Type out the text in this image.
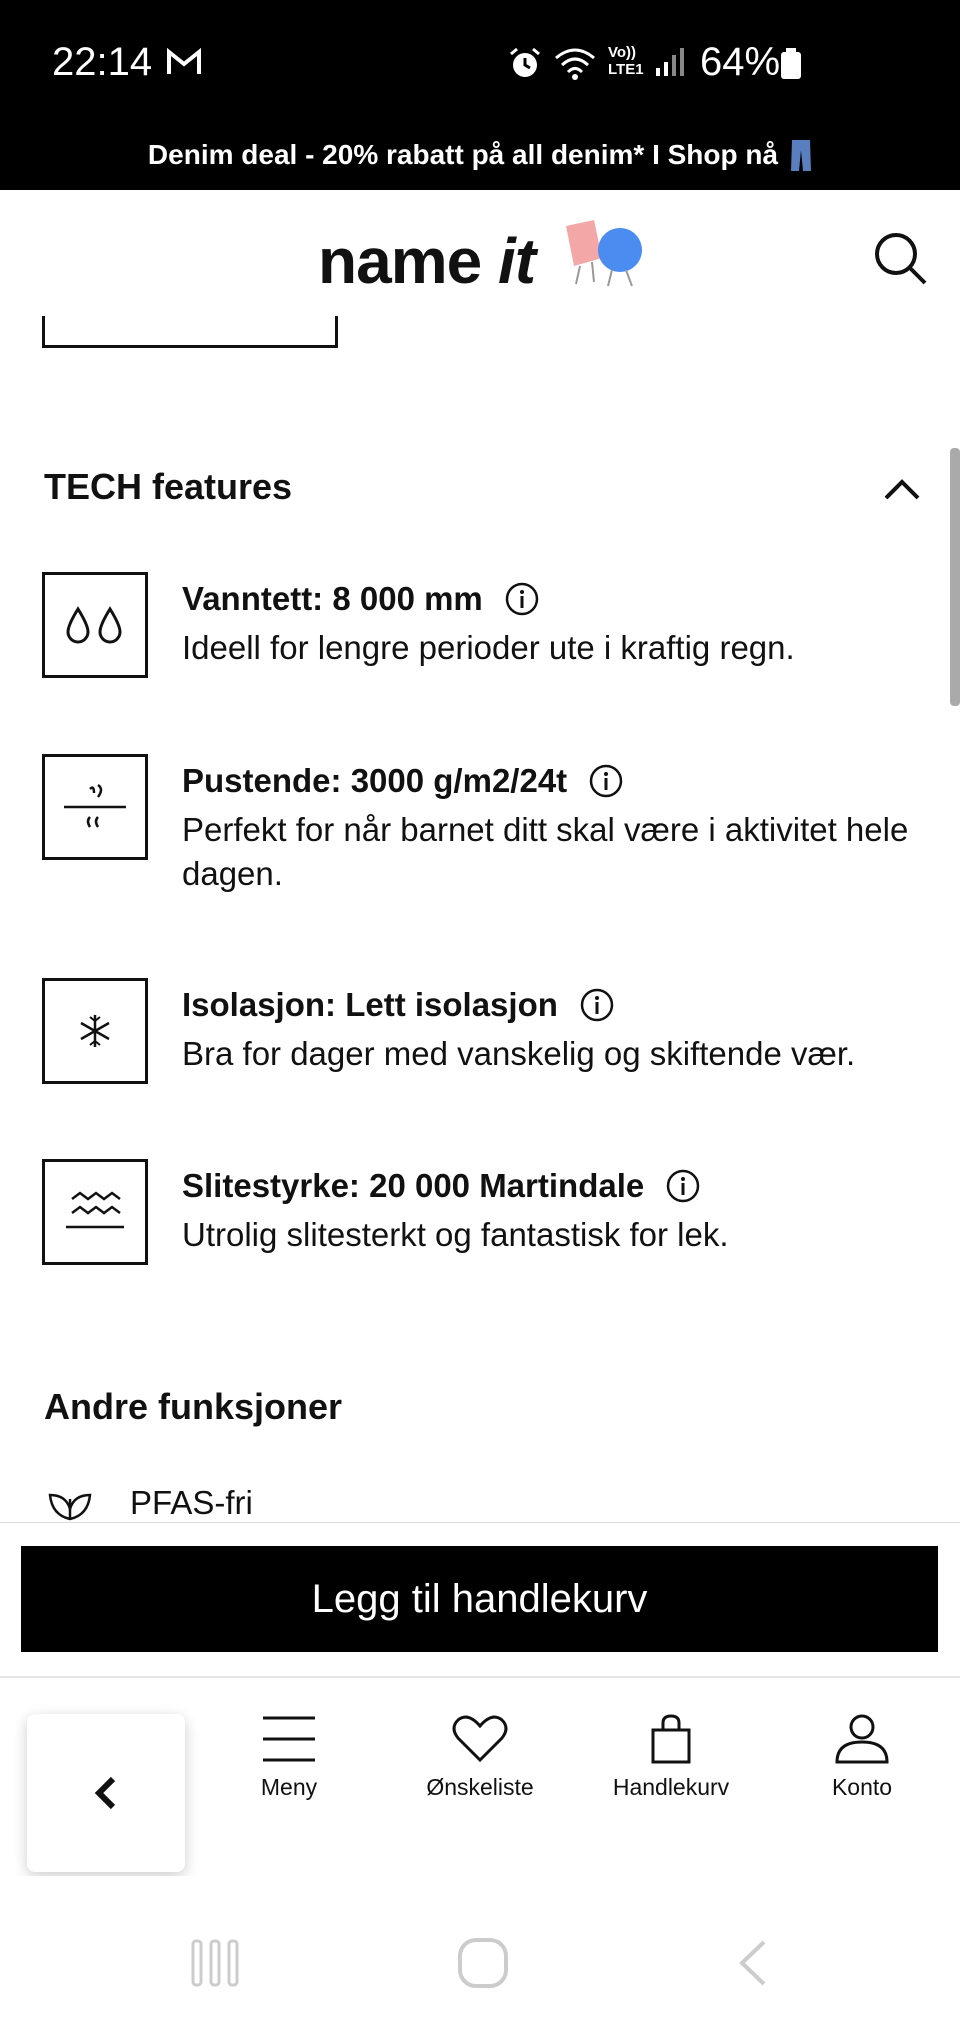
22:14	Vo))
LTE1 64%
Denim deal - 20% rabatt på all denim* I Shop nå
name it
TECH features
Vanntett: 8 000 mm
Ideell for lengre perioder ute i kraftig regn.
Pustende: 3000 g/m2/24t
Perfekt for når barnet ditt skal være i aktivitet hele dagen.
Isolasjon: Lett isolasjon
Bra for dager med vanskelig og skiftende vær.
Slitestyrke: 20 000 Martindale
Utrolig slitesterkt og fantastisk for lek.
Andre funksjoner
PFAS-fri
Legg til handlekurv
Meny	Ønskeliste	Handlekurv	Konto
